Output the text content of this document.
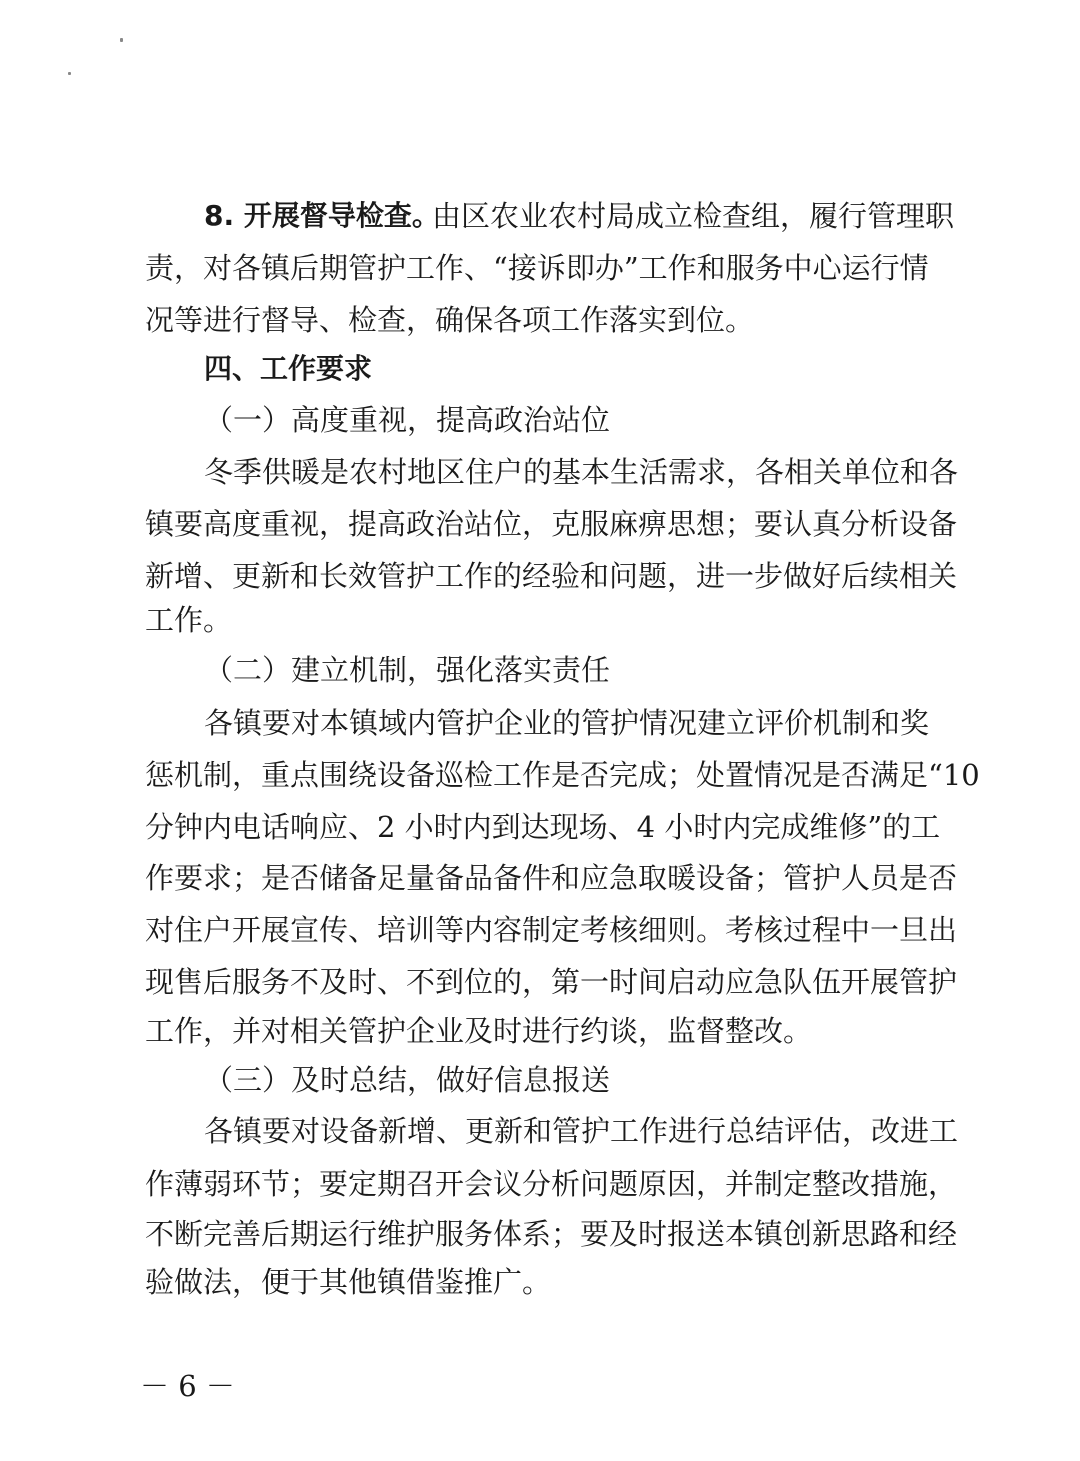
8. 开展督导检查。

由区农业农村局成立检查组，履行管理职

责，对各镇后期管护工作、“接诉即办”工作和服务中心运行情

况等进行督导、检查，确保各项工作落实到位。

四、工作要求

（一）高度重视，提高政治站位

冬季供暖是农村地区住户的基本生活需求，各相关单位和各

镇要高度重视，提高政治站位，克服麻痹思想；要认真分析设备

新增、更新和长效管护工作的经验和问题，进一步做好后续相关

工作。

（二）建立机制，强化落实责任

各镇要对本镇域内管护企业的管护情况建立评价机制和奖

惩机制，重点围绕设备巡检工作是否完成；处置情况是否满足“10

分钟内电话响应、2 小时内到达现场、4 小时内完成维修”的工

作要求；是否储备足量备品备件和应急取暖设备；管护人员是否

对住户开展宣传、培训等内容制定考核细则。考核过程中一旦出

现售后服务不及时、不到位的，第一时间启动应急队伍开展管护

工作，并对相关管护企业及时进行约谈，监督整改。

（三）及时总结，做好信息报送

各镇要对设备新增、更新和管护工作进行总结评估，改进工

作薄弱环节；要定期召开会议分析问题原因，并制定整改措施，

不断完善后期运行维护服务体系；要及时报送本镇创新思路和经

验做法，便于其他镇借鉴推广。

－ 6 －
